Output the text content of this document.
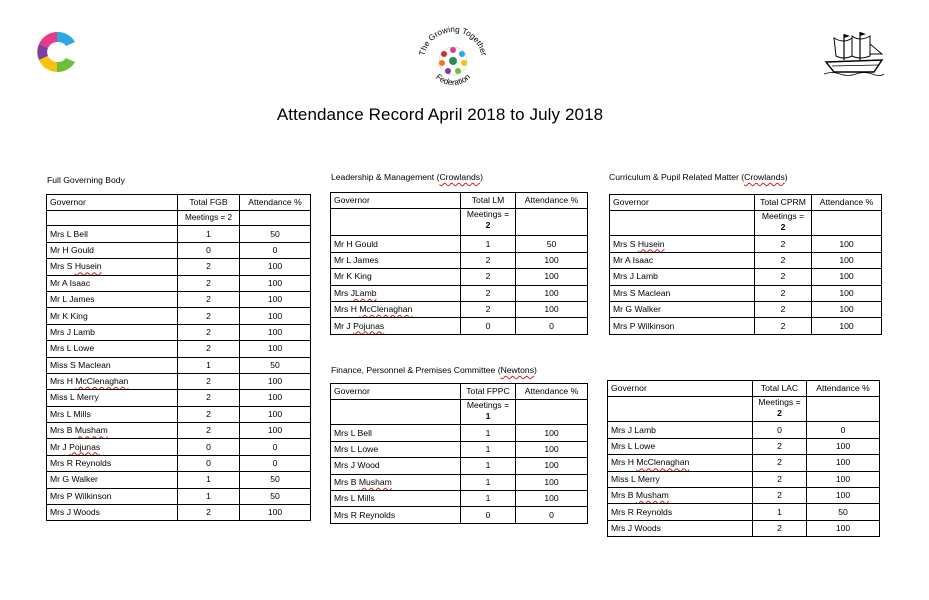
The Growing Together
Federation
Attendance Record April 2018 to July 2018
Full Governing Body
Governor	Total FGB	Attendance %
	Meetings = 2	
Mrs L Bell	1	50
Mr H Gould	0	0
Mrs S Husein	2	100
Mr A Isaac	2	100
Mr L James	2	100
Mr K King	2	100
Mrs J Lamb	2	100
Mrs L Lowe	2	100
Miss S Maclean	1	50
Mrs H McClenaghan	2	100
Miss L Merry	2	100
Mrs L Mills	2	100
Mrs B Musham	2	100
Mr J Pojunas	0	0
Mrs R Reynolds	0	0
Mr G Walker	1	50
Mrs P Wilkinson	1	50
Mrs J Woods	2	100
Leadership & Management (Crowlands)
Governor	Total LM	Attendance %
	Meetings =
2	
Mr H Gould	1	50
Mr L James	2	100
Mr K King	2	100
Mrs JLamb	2	100
Mrs H McClenaghan	2	100
Mr J Pojunas	0	0
Curriculum & Pupil Related Matter (Crowlands)
Governor	Total CPRM	Attendance %
	Meetings =
2	
Mrs S Husein	2	100
Mr A Isaac	2	100
Mrs J Lamb	2	100
Mrs S Maclean	2	100
Mr G Walker	2	100
Mrs P Wilkinson	2	100
Finance, Personnel & Premises Committee (Newtons)
Governor	Total FPPC	Attendance %
	Meetings =
1	
Mrs L Bell	1	100
Mrs L Lowe	1	100
Mrs J Wood	1	100
Mrs B Musham	1	100
Mrs L Mills	1	100
Mrs R Reynolds	0	0
Governor	Total LAC	Attendance %
	Meetings =
2	
Mrs J Lamb	0	0
Mrs L Lowe	2	100
Mrs H McClenaghan	2	100
Miss L Merry	2	100
Mrs B Musham	2	100
Mrs R Reynolds	1	50
Mrs J Woods	2	100
